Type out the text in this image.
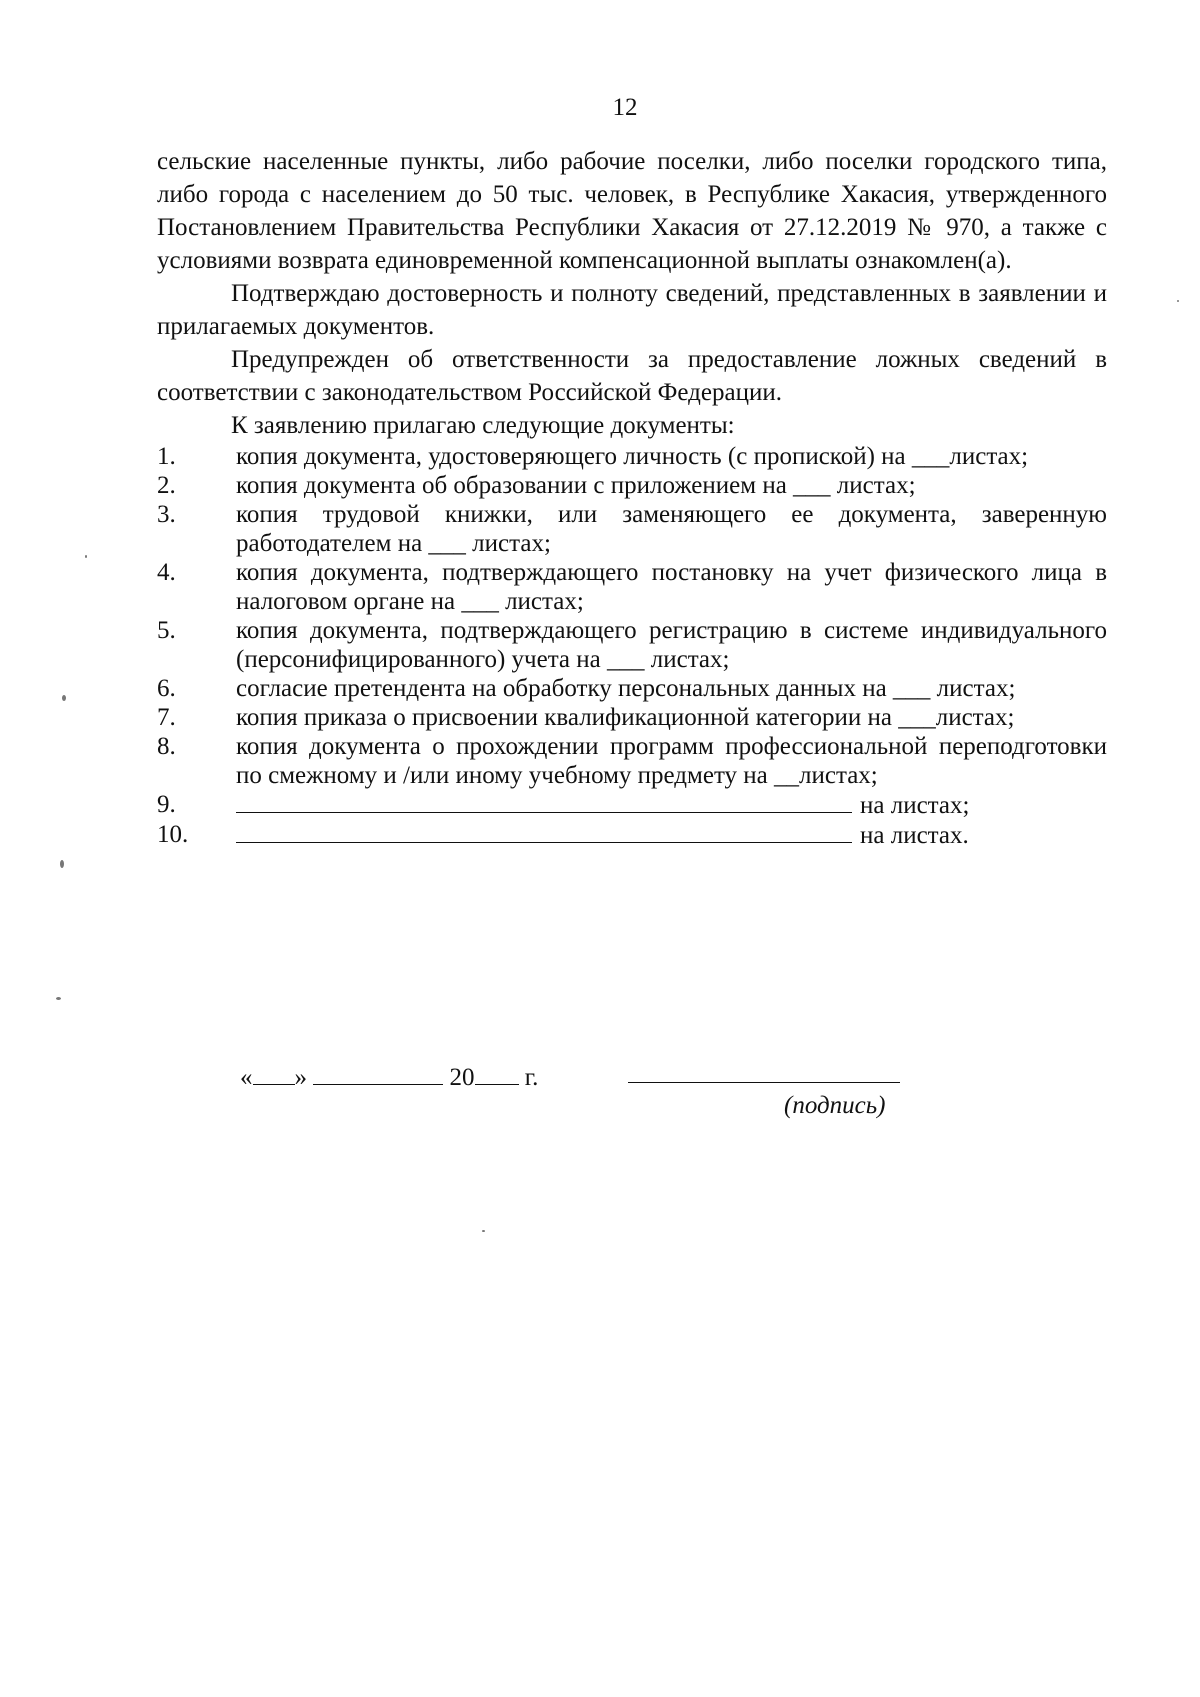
12

сельские населенные пункты, либо рабочие поселки, либо поселки городского типа, либо города с населением до 50 тыс. человек, в Республике Хакасия, утвержденного Постановлением Правительства Республики Хакасия от 27.12.2019 № 970, а также с условиями возврата единовременной компенсационной выплаты ознакомлен(а).

Подтверждаю достоверность и полноту сведений, представленных в заявлении и прилагаемых документов.

Предупрежден об ответственности за предоставление ложных сведений в соответствии с законодательством Российской Федерации.

К заявлению прилагаю следующие документы:

1. копия документа, удостоверяющего личность (с пропиской) на ___листах;
2. копия документа об образовании с приложением на ___ листах;
3. копия трудовой книжки, или заменяющего ее документа, заверенную работодателем на ___ листах;
4. копия документа, подтверждающего постановку на учет физического лица в налоговом органе на ___ листах;
5. копия документа, подтверждающего регистрацию в системе индивидуального (персонифицированного) учета на ___ листах;
6. согласие претендента на обработку персональных данных на ___ листах;
7. копия приказа о присвоении квалификационной категории на ___листах;
8. копия документа о прохождении программ профессиональной переподготовки по смежному и /или иному учебному предмету на __листах;
9.	на листах;
10.	на листах.
« »	20 г.
(подпись)
